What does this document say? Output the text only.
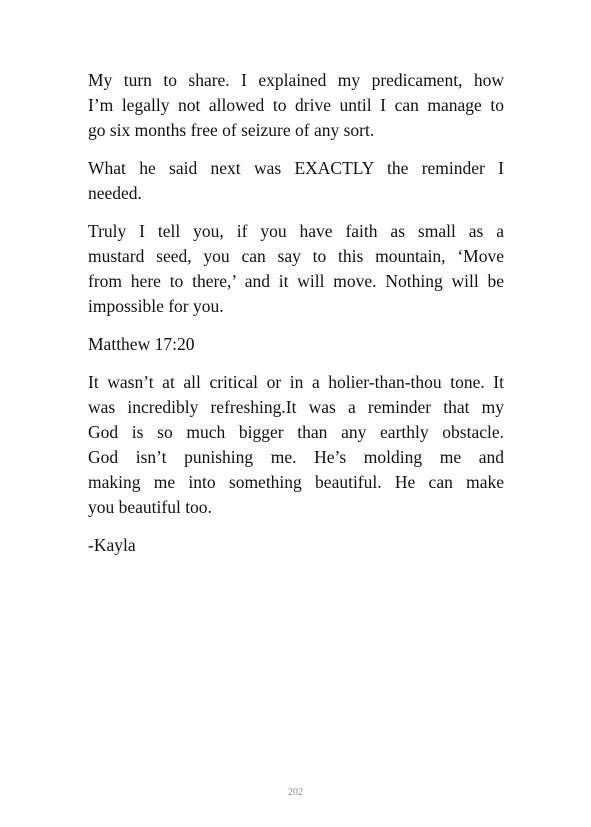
My turn to share. I explained my predicament, how
I’m legally not allowed to drive until I can manage to
go six months free of seizure of any sort.

What he said next was EXACTLY the reminder I
needed.

Truly I tell you, if you have faith as small as a
mustard seed, you can say to this mountain, ‘Move
from here to there,’ and it will move. Nothing will be
impossible for you.

Matthew 17:20

It wasn’t at all critical or in a holier-than-thou tone. It
was incredibly refreshing.It was a reminder that my
God is so much bigger than any earthly obstacle.
God isn’t punishing me. He’s molding me and
making me into something beautiful. He can make
you beautiful too.

-Kayla

202
